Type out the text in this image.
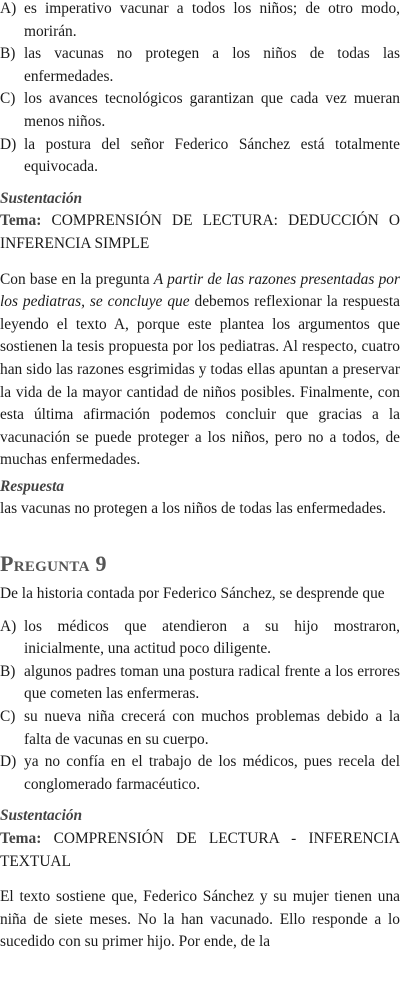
A) es imperativo vacunar a todos los niños; de otro modo, morirán.
B) las vacunas no protegen a los niños de todas las enfermedades.
C) los avances tecnológicos garantizan que cada vez mueran menos niños.
D) la postura del señor Federico Sánchez está totalmente equivocada.
Sustentación
Tema: COMPRENSIÓN DE LECTURA: DEDUCCIÓN O INFERENCIA SIMPLE
Con base en la pregunta A partir de las razones presentadas por los pediatras, se concluye que debemos reflexionar la respuesta leyendo el texto A, porque este plantea los argumentos que sostienen la tesis propuesta por los pediatras. Al respecto, cuatro han sido las razones esgrimidas y todas ellas apuntan a preservar la vida de la mayor cantidad de niños posibles. Finalmente, con esta última afirmación podemos concluir que gracias a la vacunación se puede proteger a los niños, pero no a todos, de muchas enfermedades.
Respuesta
las vacunas no protegen a los niños de todas las enfermedades.
Pregunta 9
De la historia contada por Federico Sánchez, se desprende que
A) los médicos que atendieron a su hijo mostraron, inicialmente, una actitud poco diligente.
B) algunos padres toman una postura radical frente a los errores que cometen las enfermeras.
C) su nueva niña crecerá con muchos problemas debido a la falta de vacunas en su cuerpo.
D) ya no confía en el trabajo de los médicos, pues recela del conglomerado farmacéutico.
Sustentación
Tema: COMPRENSIÓN DE LECTURA - INFERENCIA TEXTUAL
El texto sostiene que, Federico Sánchez y su mujer tienen una niña de siete meses. No la han vacunado. Ello responde a lo sucedido con su primer hijo. Por ende, de la
